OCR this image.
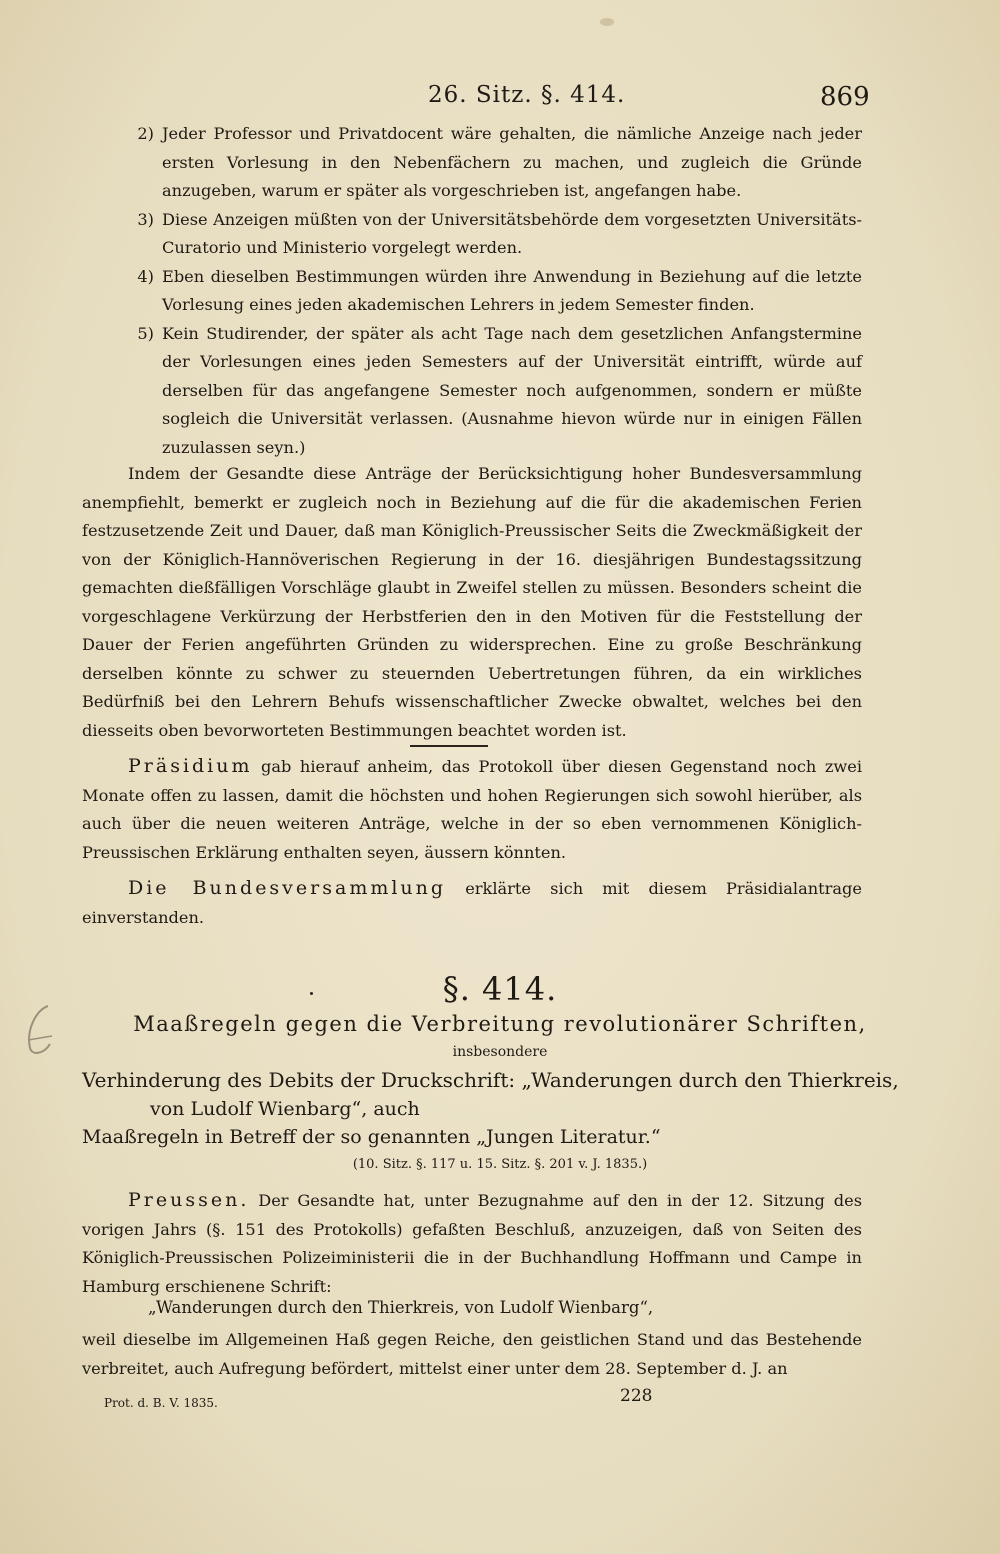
26. Sitz. §. 414.	869
2) Jeder Professor und Privatdocent wäre gehalten, die nämliche Anzeige nach jeder ersten Vorlesung in den Nebenfächern zu machen, und zugleich die Gründe anzugeben, warum er später als vorgeschrieben ist, angefangen habe.
3) Diese Anzeigen müßten von der Universitätsbehörde dem vorgesetzten Universitäts-Curatorio und Ministerio vorgelegt werden.
4) Eben dieselben Bestimmungen würden ihre Anwendung in Beziehung auf die letzte Vorlesung eines jeden akademischen Lehrers in jedem Semester finden.
5) Kein Studirender, der später als acht Tage nach dem gesetzlichen Anfangstermine der Vorlesungen eines jeden Semesters auf der Universität eintrifft, würde auf derselben für das angefangene Semester noch aufgenommen, sondern er müßte sogleich die Universität verlassen. (Ausnahme hievon würde nur in einigen Fällen zuzulassen seyn.)

Indem der Gesandte diese Anträge der Berücksichtigung hoher Bundesversammlung anempfiehlt, bemerkt er zugleich noch in Beziehung auf die für die akademischen Ferien festzusetzende Zeit und Dauer, daß man Königlich-Preussischer Seits die Zweckmäßigkeit der von der Königlich-Hannöverischen Regierung in der 16. diesjährigen Bundestagssitzung gemachten dießfälligen Vorschläge glaubt in Zweifel stellen zu müssen. Besonders scheint die vorgeschlagene Verkürzung der Herbstferien den in den Motiven für die Feststellung der Dauer der Ferien angeführten Gründen zu widersprechen. Eine zu große Beschränkung derselben könnte zu schwer zu steuernden Uebertretungen führen, da ein wirkliches Bedürfniß bei den Lehrern Behufs wissenschaftlicher Zwecke obwaltet, welches bei den diesseits oben bevorworteten Bestimmungen beachtet worden ist.

Präsidium gab hierauf anheim, das Protokoll über diesen Gegenstand noch zwei Monate offen zu lassen, damit die höchsten und hohen Regierungen sich sowohl hierüber, als auch über die neuen weiteren Anträge, welche in der so eben vernommenen Königlich-Preussischen Erklärung enthalten seyen, äussern könnten.

Die Bundesversammlung erklärte sich mit diesem Präsidialantrage einverstanden.

§. 414.
Maaßregeln gegen die Verbreitung revolutionärer Schriften,
insbesondere
Verhinderung des Debits der Druckschrift: „Wanderungen durch den Thierkreis,
von Ludolf Wienbarg“, auch
Maaßregeln in Betreff der so genannten „Jungen Literatur.“
(10. Sitz. §. 117 u. 15. Sitz. §. 201 v. J. 1835.)

Preussen. Der Gesandte hat, unter Bezugnahme auf den in der 12. Sitzung des vorigen Jahrs (§. 151 des Protokolls) gefaßten Beschluß, anzuzeigen, daß von Seiten des Königlich-Preussischen Polizeiministerii die in der Buchhandlung Hoffmann und Campe in Hamburg erschienene Schrift:

„Wanderungen durch den Thierkreis, von Ludolf Wienbarg“,

weil dieselbe im Allgemeinen Haß gegen Reiche, den geistlichen Stand und das Bestehende verbreitet, auch Aufregung befördert, mittelst einer unter dem 28. September d. J. an

Prot. d. B. V. 1835.	228
